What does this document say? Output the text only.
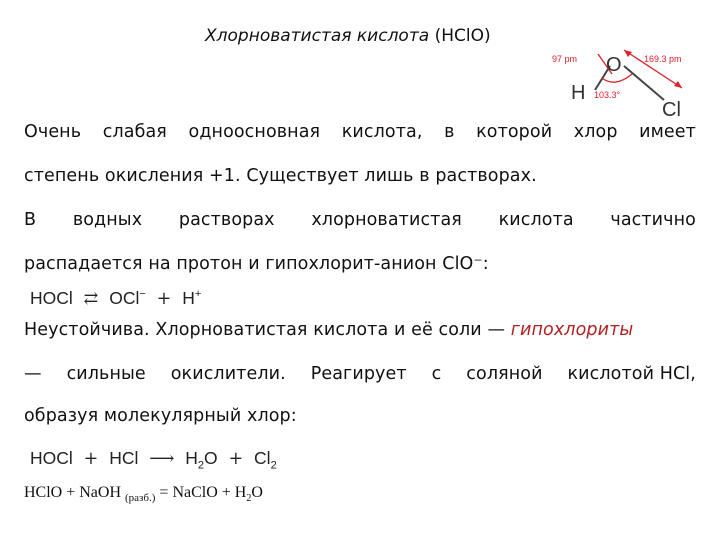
Хлорноватистая кислота (HClO)
97 pm	169.3 pm
103.3°
O
H
Cl
Очень слабая одноосновная кислота, в которой хлор имеет
степень окисления +1. Существует лишь в растворах.
В водных растворах хлорноватистая кислота частично
распадается на протон и гипохлорит-анион ClO⁻:
HOCl ⇄ OCl− + H+
Неустойчива. Хлорноватистая кислота и её соли — гипохлориты
— сильные окислители. Реагирует с соляной кислотой HCl,
образуя молекулярный хлор:
HOCl + HCl ⟶ $H_2O + Cl_2$
HClO + NaOH $_{(разб.)}$ = NaClO + $H_2O$
